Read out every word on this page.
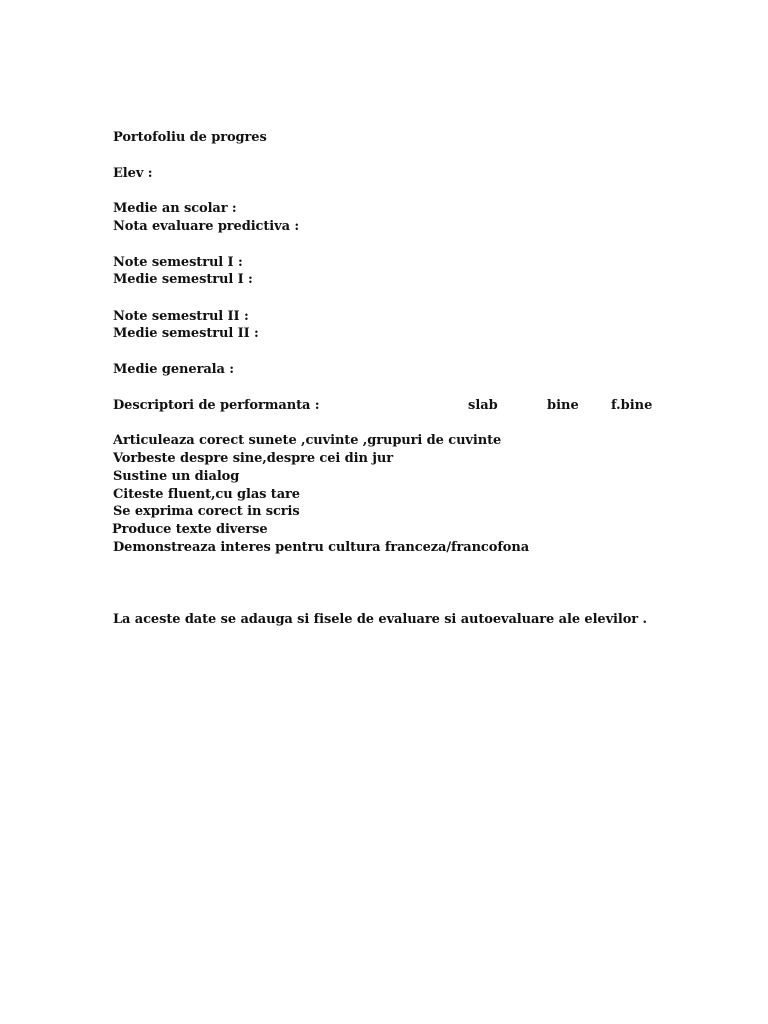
Portofoliu de progres
Elev :
Medie an scolar :
Nota evaluare predictiva :
Note semestrul I :
Medie semestrul I :
Note semestrul II :
Medie semestrul II :
Medie generala :
Descriptori de performanta :	slab	bine f.bine
Articuleaza corect sunete ,cuvinte ,grupuri de cuvinte
Vorbeste despre sine,despre cei din jur
Sustine un dialog
Citeste fluent,cu glas tare
Se exprima corect in scris
Produce texte diverse
Demonstreaza interes pentru cultura franceza/francofona
La aceste date se adauga si fisele de evaluare si autoevaluare ale elevilor .
